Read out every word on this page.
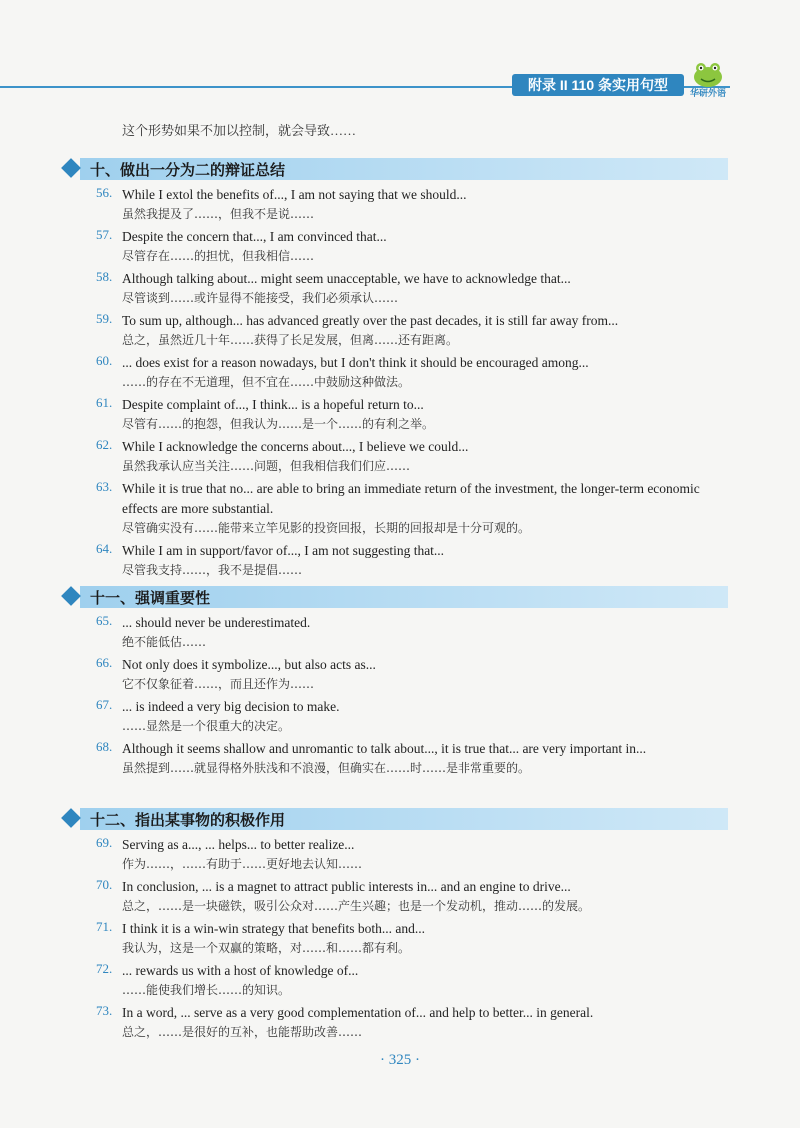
附录 II 110 条实用句型	华研外语
这个形势如果不加以控制，就会导致……
十、做出一分为二的辩证总结
56. While I extol the benefits of..., I am not saying that we should...
虽然我提及了……，但我不是说……
57. Despite the concern that..., I am convinced that...
尽管存在……的担忧，但我相信……
58. Although talking about... might seem unacceptable, we have to acknowledge that...
尽管谈到……或许显得不能接受，我们必须承认……
59. To sum up, although... has advanced greatly over the past decades, it is still far away from...
总之，虽然近几十年……获得了长足发展，但离……还有距离。
60. ... does exist for a reason nowadays, but I don't think it should be encouraged among...
……的存在不无道理，但不宜在……中鼓励这种做法。
61. Despite complaint of..., I think... is a hopeful return to...
尽管有……的抱怨，但我认为……是一个……的有利之举。
62. While I acknowledge the concerns about..., I believe we could...
虽然我承认应当关注……问题，但我相信我们们应……
63. While it is true that no... are able to bring an immediate return of the investment, the longer-term economic effects are more substantial.
尽管确实没有……能带来立竿见影的投资回报，长期的回报却是十分可观的。
64. While I am in support/favor of..., I am not suggesting that...
尽管我支持……，我不是提倡……
十一、强调重要性
65. ... should never be underestimated.
绝不能低估……
66. Not only does it symbolize..., but also acts as...
它不仅象征着……，而且还作为……
67. ... is indeed a very big decision to make.
……显然是一个很重大的决定。
68. Although it seems shallow and unromantic to talk about..., it is true that... are very important in...
虽然提到……就显得格外肤浅和不浪漫，但确实在……时……是非常重要的。
十二、指出某事物的积极作用
69. Serving as a..., ... helps... to better realize...
作为……，……有助于……更好地去认知……
70. In conclusion, ... is a magnet to attract public interests in... and an engine to drive...
总之，……是一块磁铁，吸引公众对……产生兴趣；也是一个发动机，推动……的发展。
71. I think it is a win-win strategy that benefits both... and...
我认为，这是一个双赢的策略，对……和……都有利。
72. ... rewards us with a host of knowledge of...
……能使我们增长……的知识。
73. In a word, ... serve as a very good complementation of... and help to better... in general.
总之，……是很好的互补，也能帮助改善……
· 325 ·
